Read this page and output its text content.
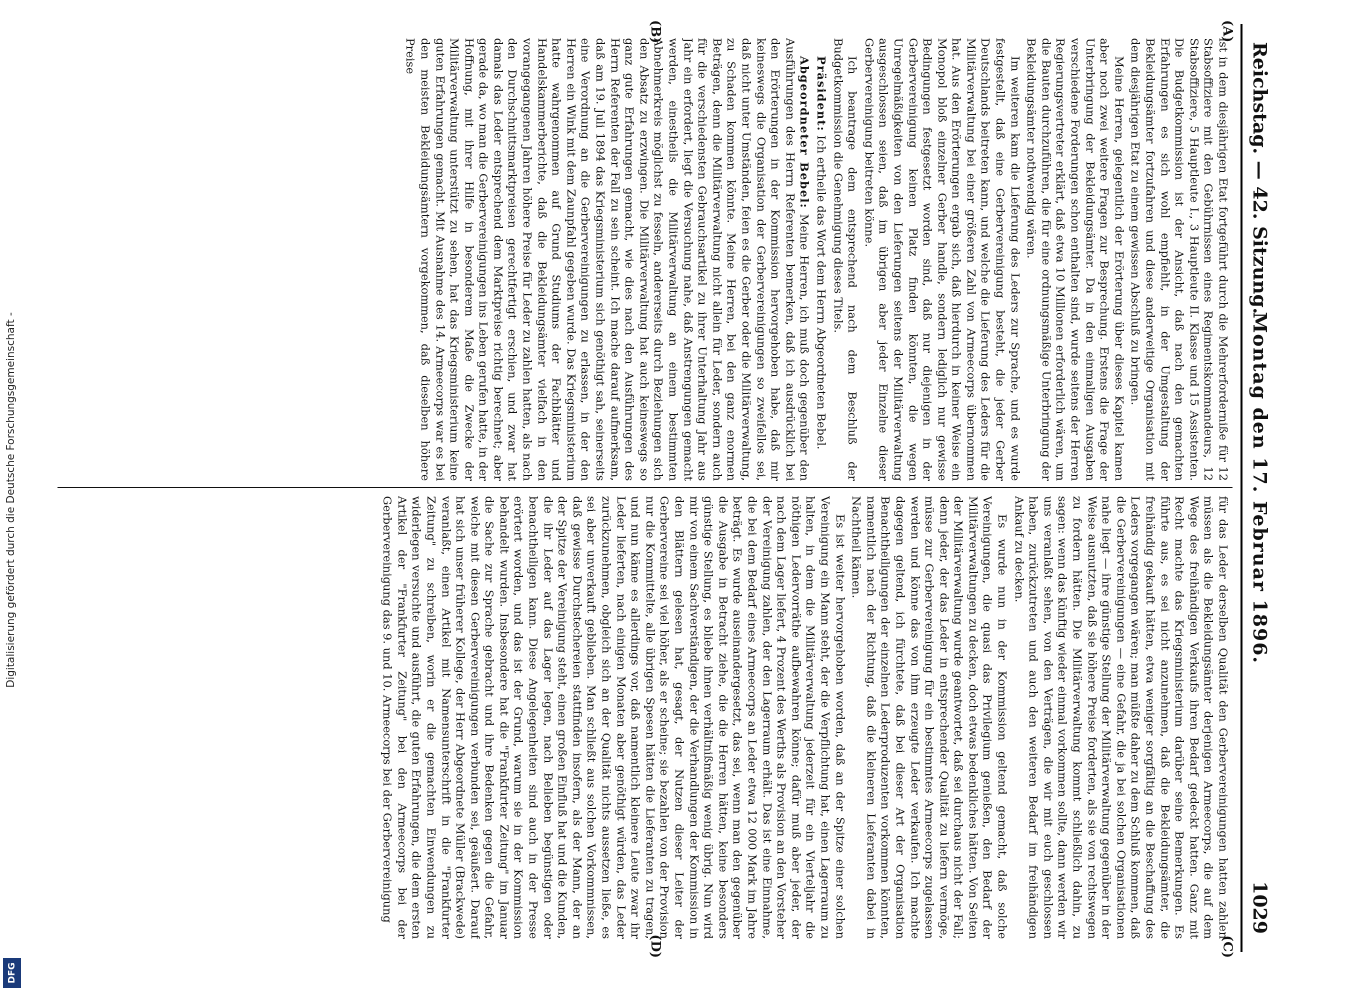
Digitalisierung gefördert durch die Deutsche Forschungsgemeinschaft -
DFG
Reichstag. — 42. Sitzung.
Montag den 17. Februar 1896.
1029
(A)
(B)
(C)
(D)

ist in dem diesjährigen Etat fortgeführt durch die Mehrerforderniße für 12 Stabsoffiziere mit den Gebührnissen eines Regimentskommandeurs, 12 Stabsoffiziere, 5 Hauptleute I., 3 Hauptleute II. Klasse und 15 Assistenten. Die Budgetkommission ist der Ansicht, daß nach den gemachten Erfahrungen es sich wohl empfiehlt, in der Umgestaltung der Bekleidungsämter fortzufahren und diese anderweitige Organisation mit dem diesjährigen Etat zu einem gewissen Abschluß zu bringen.

Meine Herren, gelegentlich der Erörterung über dieses Kapitel kamen aber noch zwei weitere Fragen zur Besprechung. Erstens die Frage der Unterbringung der Bekleidungsämter. Da in den einmaligen Ausgaben verschiedene Forderungen schon enthalten sind, wurde seitens der Herren Regierungsvertreter erklärt, daß etwa 10 Millionen erforderlich wären, um die Bauten durchzuführen, die für eine ordnungsmäßige Unterbringung der Bekleidungsämter nothwendig wären.

Im weiteren kam die Lieferung des Leders zur Sprache, und es wurde festgestellt, daß eine Gerbervereinigung besteht, die jeder Gerber Deutschlands beitreten kann, und welche die Lieferung des Leders für die Militärverwaltung bei einer größeren Zahl von Armeecorps übernommen hat. Aus den Erörterungen ergab sich, daß hierdurch in keiner Weise ein Monopol bloß einzelner Gerber handle, sondern lediglich nur gewisse Bedingungen festgesetzt worden sind, daß nur diejenigen in der Gerbervereinigung keinen Platz finden könnten, die wegen Unregelmäßigkeiten von den Lieferungen seitens der Militärverwaltung ausgeschlossen seien, daß im übrigen aber jeder Einzelne dieser Gerbervereinigung beitreten könne.

Ich beantrage dem entsprechend nach dem Beschluß der Budgetkommission die Genehmigung dieses Titels.

Präsident: Ich ertheile das Wort dem Herrn Abgeordneten Bebel.

Abgeordneter Bebel: Meine Herren, ich muß doch gegenüber den Ausführungen des Herrn Referenten bemerken, daß ich ausdrücklich bei den Erörterungen in der Kommission hervorgehoben habe, daß mir keineswegs die Organisation der Gerbervereinigungen so zweifellos sei, daß nicht unter Umständen, feien es die Gerber oder die Militärverwaltung, zu Schaden kommen könnte. Meine Herren, bei den ganz enormen Beträgen, denn die Militärverwaltung nicht allein für Leder, sondern auch für die verschiedensten Gebrauchsartikel zu ihrer Unterhaltung Jahr aus Jahr ein erfordert, liegt die Versuchung nahe, daß Anstrengungen gemacht werden, einestheils die Militärverwaltung an einem bestimmten Abnehmerkreis möglichst zu fesseln, andererseits durch Beziehungen sich den Absatz zu erzwingen. Die Militärverwaltung hat auch keineswegs so ganz gute Erfahrungen gemacht, wie dies nach den Ausführungen des Herrn Referenten der Fall zu sein scheint. Ich mache darauf aufmerksam, daß am 19. Juli 1894 das Kriegsministerium sich genöthigt sah, seinerseits eine Verordnung an die Gerbervereinigungen zu erlassen, in der den Herren ein Wink mit dem Zaunpfahl gegeben wurde. Das Kriegsministerium hatte wahrgenommen auf Grund Studiums der Fachblätter und Handelskammerberichte, daß die Bekleidungsämter vielfach in den vorangegangenen Jahren höhere Preise für Leder zu zahlen hatten, als nach den Durchschnittsmarktpreisen gerechtfertigt erschien, und zwar hat damals das Leder entsprechend dem Marktpreise richtig berechnet; aber gerade da, wo man die Gerbervereinigungen ins Leben gerufen hatte, in der Hoffnung, mit ihrer Hilfe in besonderem Maße die Zwecke der Militärverwaltung unterstützt zu sehen, hat das Kriegsministerium keine guten Erfahrungen gemacht. Mit Ausnahme des 14. Armeecorps war es bei den meisten Bekleidungsämtern vorgekommen, daß dieselben höhere Preise

für das Leder derselben Qualität den Gerbervereinigungen hatten zahlen müssen als die Bekleidungsämter derjenigen Armeecorps, die auf dem Wege des freihändigen Verkaufs ihren Bedarf gedeckt hatten. Ganz mit Recht machte das Kriegsministerium darüber seine Bemerkungen. Es führte aus, es sei nicht anzunehmen, daß die Bekleidungsämter, die freihändig gekauft hätten, etwa weniger sorgfältig an die Beschaffung des Leders vorgegangen wären; man müßte daher zu dem Schluß kommen, daß die Gerbervereinigungen — eine Gefahr, die ja bei solchen Organisationen nahe liegt — ihre günstige Stellung der Militärverwaltung gegenüber in der Weise ausnutzten, daß sie höhere Preise forderten, als sie von rechtswegen zu fordern hätten. Die Militärverwaltung kommt schließlich dahin, zu sagen: wenn das künftig wieder einmal vorkommen sollte, dann werden wir uns veranlaßt sehen, von den Verträgen, die wir mit euch geschlossen haben, zurückzutreten und auch den weiteren Bedarf im freihändigen Ankauf zu decken.

Es wurde nun in der Kommission geltend gemacht, daß solche Vereinigungen, die quasi das Privilegium genießen, den Bedarf der Militärverwaltungen zu decken, doch etwas bedenkliches hätten. Von Seiten der Militärverwaltung wurde geantwortet, daß sei durchaus nicht der Fall; denn jeder, der das Leder in entsprechender Qualität zu liefern vermöge, müsse zur Gerbervereinigung für ein bestimmtes Armeecorps zugelassen werden und könne das von ihm erzeugte Leder verkaufen. Ich machte dagegen geltend, ich fürchtete, daß bei dieser Art der Organisation Benachtheiligungen der einzelnen Lederproduzenten vorkommen könnten, namentlich nach der Richtung, daß die kleineren Lieferanten dabei in Nachtheil kämen.

Es ist weiter hervorgehoben worden, daß an der Spitze einer solchen Vereinigung ein Mann steht, der die Verpflichtung hat, einen Lagerraum zu halten, in dem die Militärverwaltung jederzeit für ein Vierteljahr die nöthigen Ledervorräthe aufbewahren könne; dafür muß aber jeder, der nach dem Lager liefert, 4 Prozent des Werths als Provision an den Vorsteher der Vereinigung zahlen, der den Lagerraum erhält. Das ist eine Einnahme, die bei dem Bedarf eines Armeecorps an Leder etwa 12 000 Mark im Jahre beträgt. Es wurde auseinandergesetzt, das sei, wenn man den gegenüber die Ausgabe in Betracht ziehe, die die Herren hätten, keine besonders günstige Stellung, es bliebe ihnen verhältnißmäßig wenig übrig. Nun wird mir von einem Sachverständigen, der die Verhandlungen der Kommission in den Blättern gelesen hat, gesagt, der Nutzen dieser Leiter der Gerbervereine sei viel höher, als er scheine; sie bezahlen von der Provision nur die Kommittelte, alle übrigen Spesen hätten die Lieferanten zu tragen, und nun käme es allerdings vor, daß namentlich kleinere Leute zwar ihr Leder lieferten, nach einigen Monaten aber genöthigt würden, das Leder zurückzunehmen, obgleich sich an der Qualität nichts aussetzen ließe, es sei aber unverkauft geblieben. Man schließt aus solchen Vorkommnissen, daß gewisse Durchstechereien stattfinden insofern, als der Mann, der an der Spitze der Vereinigung steht, einen großen Einfluß hat und die Kunden, die ihr Leder auf das Lager legen, nach Belieben begünstigen oder benachtheiligen kann. Diese Angelegenheiten sind auch in der Presse erörtert worden, und das ist der Grund, warum sie in der Kommission behandelt wurden. Insbesondere hat die "Frankfurter Zeitung" im Januar die Sache zur Sprache gebracht und ihre Bedenken gegen die Gefahr, welche mit diesen Gerbervereinigungen verbunden sei, geäußert. Darauf hat sich unser früherer Kollege, der Herr Abgeordnete Müller (Brackwede) veranlaßt, einen Artikel mit Namensunterschrift in die "Frankfurter Zeitung" zu schreiben, worin er die gemachten Einwendungen zu widerlegen versuchte und ausführt, die guten Erfahrungen, die dem ersten Artikel der "Frankfurter Zeitung" bei den Armeecorps bei der Gerbervereinigung das 9. und 10. Armeecorps bei der Gerbervereinigung
